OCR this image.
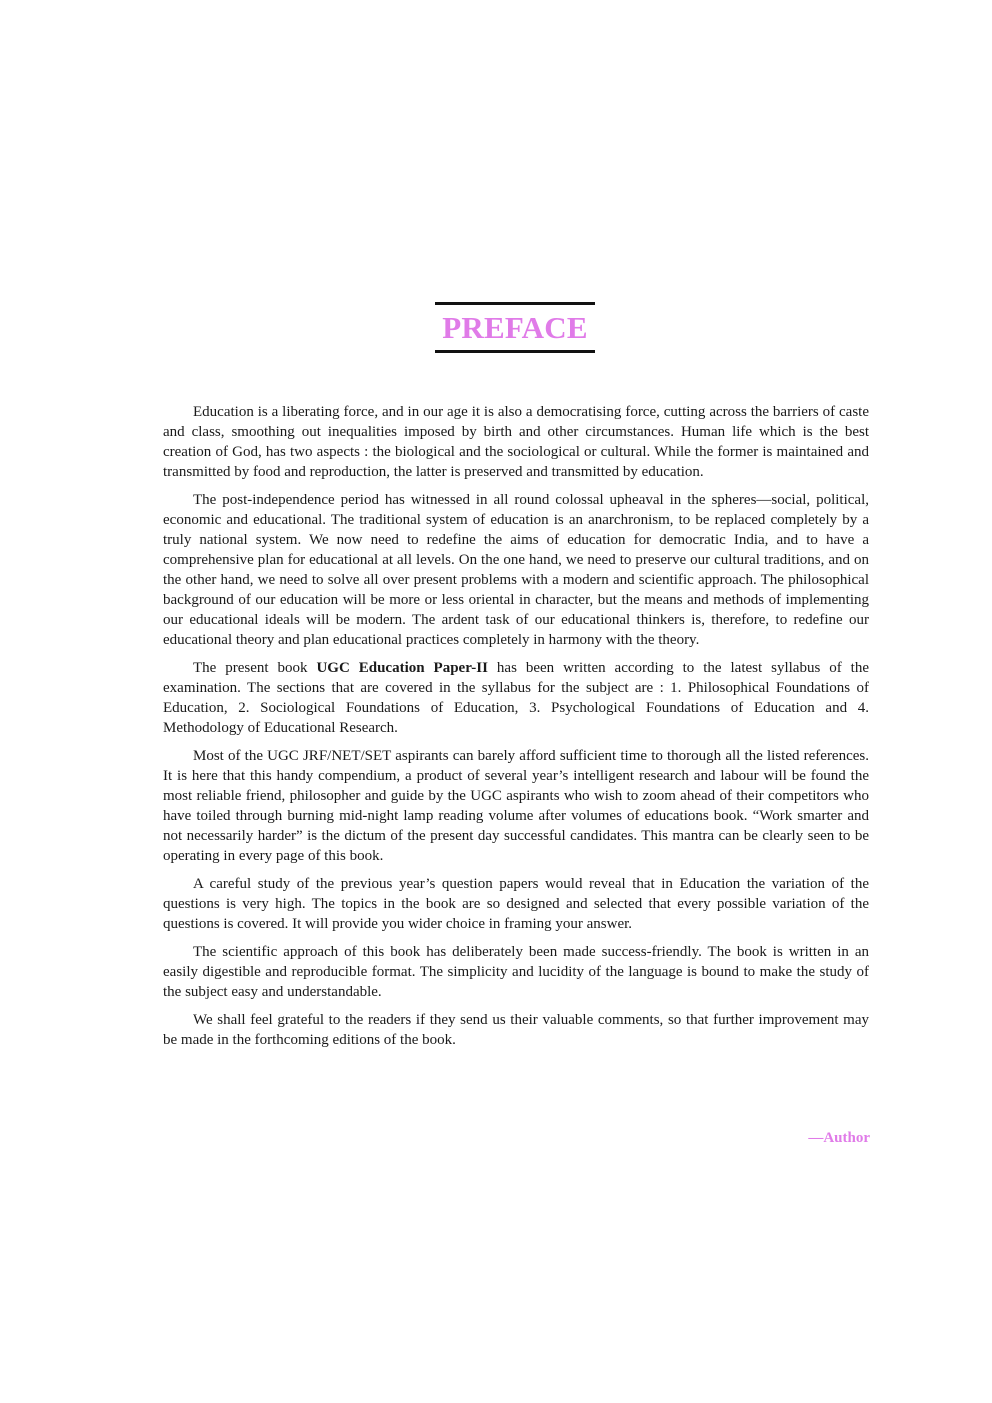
PREFACE

Education is a liberating force, and in our age it is also a democratising force, cutting across the barriers of caste and class, smoothing out inequalities imposed by birth and other circumstances. Human life which is the best creation of God, has two aspects : the biological and the sociological or cultural. While the former is maintained and transmitted by food and reproduction, the latter is preserved and transmitted by education.

The post-independence period has witnessed in all round colossal upheaval in the spheres—social, political, economic and educational. The traditional system of education is an anarchronism, to be replaced completely by a truly national system. We now need to redefine the aims of education for democratic India, and to have a comprehensive plan for educational at all levels. On the one hand, we need to preserve our cultural traditions, and on the other hand, we need to solve all over present problems with a modern and scientific approach. The philosophical background of our education will be more or less oriental in character, but the means and methods of implementing our educational ideals will be modern. The ardent task of our educational thinkers is, therefore, to redefine our educational theory and plan educational practices completely in harmony with the theory.

The present book UGC Education Paper-II has been written according to the latest syllabus of the examination. The sections that are covered in the syllabus for the subject are : 1. Philosophical Foundations of Education, 2. Sociological Foundations of Education, 3. Psychological Foundations of Education and 4. Methodology of Educational Research.

Most of the UGC JRF/NET/SET aspirants can barely afford sufficient time to thorough all the listed references. It is here that this handy compendium, a product of several year’s intelligent research and labour will be found the most reliable friend, philosopher and guide by the UGC aspirants who wish to zoom ahead of their competitors who have toiled through burning mid-night lamp reading volume after volumes of educations book. “Work smarter and not necessarily harder” is the dictum of the present day successful candidates. This mantra can be clearly seen to be operating in every page of this book.

A careful study of the previous year’s question papers would reveal that in Education the variation of the questions is very high. The topics in the book are so designed and selected that every possible variation of the questions is covered. It will provide you wider choice in framing your answer.

The scientific approach of this book has deliberately been made success-friendly. The book is written in an easily digestible and reproducible format. The simplicity and lucidity of the language is bound to make the study of the subject easy and understandable.

We shall feel grateful to the readers if they send us their valuable comments, so that further improvement may be made in the forthcoming editions of the book.

—Author
